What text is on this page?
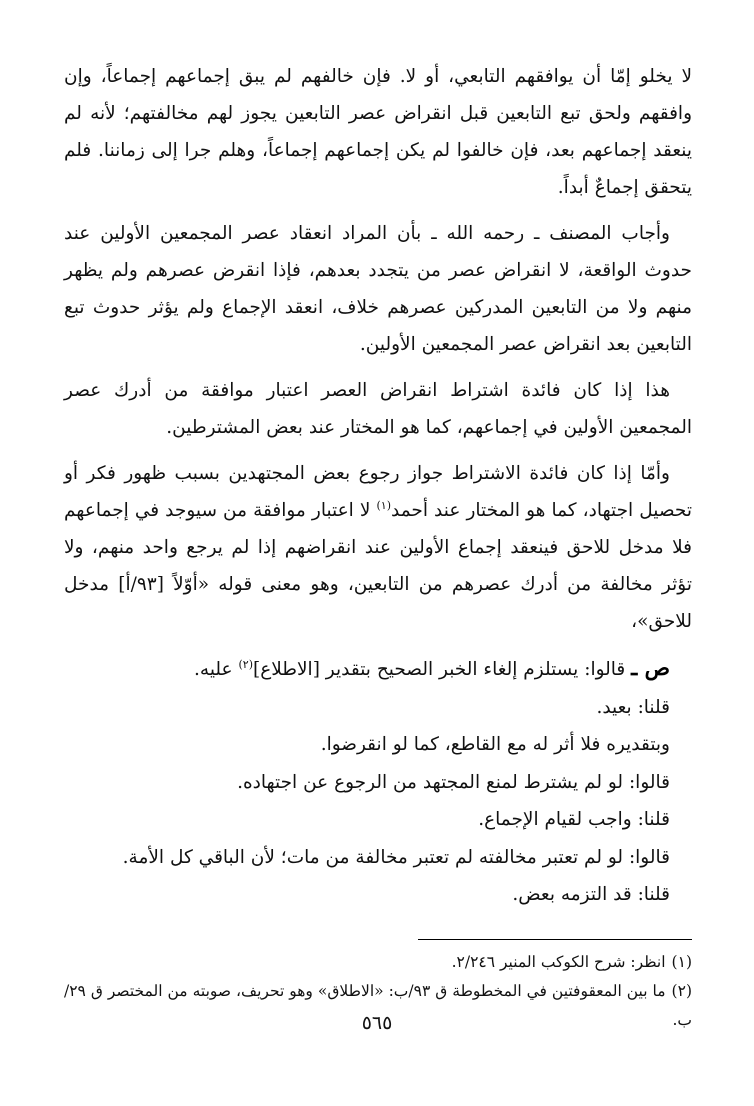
لا يخلو إمّا أن يوافقهم التابعي، أو لا. فإن خالفهم لم يبق إجماعهم إجماعاً، وإن وافقهم ولحق تبع التابعين قبل انقراض عصر التابعين يجوز لهم مخالفتهم؛ لأنه لم ينعقد إجماعهم بعد، فإن خالفوا لم يكن إجماعهم إجماعاً، وهلم جرا إلى زماننا. فلم يتحقق إجماعٌ أبداً.

وأجاب المصنف ـ رحمه الله ـ بأن المراد انعقاد عصر المجمعين الأولين عند حدوث الواقعة، لا انقراض عصر من يتجدد بعدهم، فإذا انقرض عصرهم ولم يظهر منهم ولا من التابعين المدركين عصرهم خلاف، انعقد الإجماع ولم يؤثر حدوث تبع التابعين بعد انقراض عصر المجمعين الأولين.

هذا إذا كان فائدة اشتراط انقراض العصر اعتبار موافقة من أدرك عصر المجمعين الأولين في إجماعهم، كما هو المختار عند بعض المشترطين.

وأمّا إذا كان فائدة الاشتراط جواز رجوع بعض المجتهدين بسبب ظهور فكر أو تحصيل اجتهاد، كما هو المختار عند أحمد$^{(١)}$ لا اعتبار موافقة من سيوجد في إجماعهم فلا مدخل للاحق فينعقد إجماع الأولين عند انقراضهم إذا لم يرجع واحد منهم، ولا تؤثر مخالفة من أدرك عصرهم من التابعين، وهو معنى قوله «أوّلاً [٩٣/أ] مدخل للاحق»،

ص ـ قالوا: يستلزم إلغاء الخبر الصحيح بتقدير [الاطلاع]$^{(٢)}$ عليه.
قلنا: بعيد.
وبتقديره فلا أثر له مع القاطع، كما لو انقرضوا.
قالوا: لو لم يشترط لمنع المجتهد من الرجوع عن اجتهاده.
قلنا: واجب لقيام الإجماع.
قالوا: لو لم تعتبر مخالفته لم تعتبر مخالفة من مات؛ لأن الباقي كل الأمة.
قلنا: قد التزمه بعض.
(١)انظر: شرح الكوكب المنير ٢/٢٤٦.
(٢)ما بين المعقوفتين في المخطوطة ق ٩٣/ب: «الاطلاق» وهو تحريف، صوبته من المختصر ق ٢٩/ب.
٥٦٥
